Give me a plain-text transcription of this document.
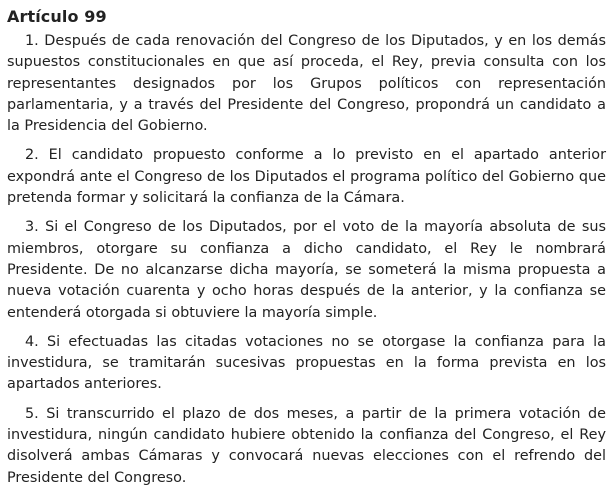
Artículo 99

1. Después de cada renovación del Congreso de los Diputados, y en los demás supuestos constitucionales en que así proceda, el Rey, previa consulta con los representantes designados por los Grupos políticos con representación parlamentaria, y a través del Presidente del Congreso, propondrá un candidato a la Presidencia del Gobierno.

2. El candidato propuesto conforme a lo previsto en el apartado anterior expondrá ante el Congreso de los Diputados el programa político del Gobierno que pretenda formar y solicitará la confianza de la Cámara.

3. Si el Congreso de los Diputados, por el voto de la mayoría absoluta de sus miembros, otorgare su confianza a dicho candidato, el Rey le nombrará Presidente. De no alcanzarse dicha mayoría, se someterá la misma propuesta a nueva votación cuarenta y ocho horas después de la anterior, y la confianza se entenderá otorgada si obtuviere la mayoría simple.

4. Si efectuadas las citadas votaciones no se otorgase la confianza para la investidura, se tramitarán sucesivas propuestas en la forma prevista en los apartados anteriores.

5. Si transcurrido el plazo de dos meses, a partir de la primera votación de investidura, ningún candidato hubiere obtenido la confianza del Congreso, el Rey disolverá ambas Cámaras y convocará nuevas elecciones con el refrendo del Presidente del Congreso.
